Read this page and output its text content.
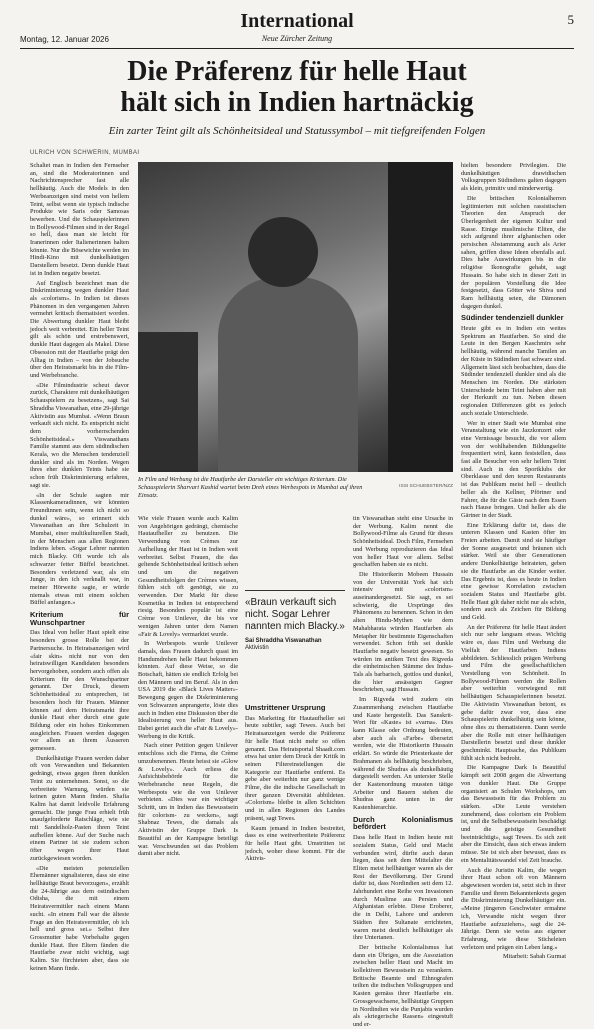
Montag, 12. Januar 2026
International
Neue Zürcher Zeitung
5
Die Präferenz für helle Haut
hält sich in Indien hartnäckig
Ein zarter Teint gilt als Schönheitsideal und Statussymbol – mit tiefgreifenden Folgen
ULRICH VON SCHWERIN, MUMBAI

Schaltet man in Indien den Fernseher an, sind die Moderatorinnen und Nachrichtensprecher fast alle hellhäutig. Auch die Models in den Werbeanzeigen sind meist von hellem Teint, selbst wenn sie typisch indische Produkte wie Saris oder Samosas bewerben. Und die Schauspielerinnen in Bollywood-Filmen sind in der Regel so hell, dass man sie leicht für Iranerinnen oder Italienerinnen halten könnte. Nur die Bösewichte werden im Hindi-Kino mit dunkelhäutigen Darstellern besetzt. Denn dunkle Haut ist in Indien negativ besetzt.

Auf Englisch bezeichnet man die Diskriminierung wegen dunkler Haut als «colorism». In Indien ist dieses Phänomen in den vergangenen Jahren vermehrt kritisch thematisiert worden. Die Abwertung dunkler Haut bleibt jedoch weit verbreitet. Ein heller Teint gilt als schön und erstrebenswert, dunkle Haut dagegen als Makel. Diese Obsession mit der Hautfarbe prägt den Alltag in Indien – von der Jobsuche über den Heiratsmarkt bis in die Film- und Werbebranche.

«Die Filmindustrie scheut davor zurück, Charaktere mit dunkelhäutigen Schauspielern zu besetzen», sagt Sai Shraddha Viswanathan, eine 29-jährige Aktivistin aus Mumbai. «Wenn Braun verkauft sich nicht. Es entspricht nicht dem vorherrschenden Schönheitsideal.» Viswanathans Familie stammt aus dem südindischen Kerala, wo die Menschen tendenziell dunkler sind als im Norden. Wegen ihres eher dunklen Teints habe sie schon früh Diskriminierung erfahren, sagt sie.

«In der Schule sagten mir Klassenkameradinnen, wir könnten Freundinnen sein, wenn ich nicht so dunkel wäre», so erinnert sich Viswanathan an ihre Schulzeit in Mumbai, einer multikulturellen Stadt, in der Menschen aus allen Regionen Indiens leben. «Sogar Lehrer nannten mich Blacky. Oft wurde ich als schwarzer fetter Büffel bezeichnet. Besonders verletzend war, als ein Junge, in den ich verknallt war, in meiner Hörweite sagte, er würde niemals etwas mit einem solchen Büffel anfangen.»

Kriterium für Wunschpartner

Das Ideal von heller Haut spielt eine besonders grosse Rolle bei der Partnersuche. In Heiratsanzeigen wird «fair skin» nicht nur von den heiratswilligen Kandidaten besonders hervorgehoben, sondern auch offen als Kriterium für den Wunschpartner genannt. Der Druck, diesem Schönheitsideal zu entsprechen, ist besonders hoch für Frauen. Männer können auf dem Heiratsmarkt ihre dunkle Haut eher durch eine gute Bildung oder ein hohes Einkommen ausgleichen. Frauen werden dagegen vor allem an ihrem Äusseren gemessen.

Dunkelhäutige Frauen werden daher oft von Verwandten und Bekannten gedrängt, etwas gegen ihren dunklen Teint zu unternehmen. Sonst, so die verbreitete Warnung, würden sie keinen guten Mann finden. Shafia Kalim hat damit leidvolle Erfahrung gemacht. Die junge Frau erhielt früh unaufgeforderte Ratschläge, wie sie mit Sandelholz-Pasten ihren Teint aufhellen könne. Auf der Suche nach einem Partner ist sie zudem schon öfter wegen ihrer Haut zurückgewiesen worden.

«Die meisten potenziellen Ehemänner signalisieren, dass sie eine hellhäutige Braut bevorzugen», erzählt die 24-Jährige aus dem ostindischen Odisha, die mit einem Heiratsvermittler nach einem Mann sucht. «In einem Fall war die älteste Frage an den Heiratsvermittler, ob ich hell und gross sei.» Selbst ihre Grossmutter habe Vorbehalte gegen dunkle Haut. Ihre Eltern fänden die Hautfarbe zwar nicht wichtig, sagt Kalim. Sie fürchteten aber, dass sie keinen Mann finde.

In Film und Werbung ist die Hautfarbe der Darsteller ein wichtiges Kriterium. Die Schauspielerin Sharvari Kashid wartet beim Dreh eines Werbespots in Mumbai auf ihren Einsatz.
ISSI SCHUEBSTER/NZZ

Wie viele Frauen wurde auch Kalim von Angehörigen gedrängt, chemische Hautaufheller zu benutzen. Die Verwendung von Crèmes zur Aufhellung der Haut ist in Indien weit verbreitet. Selbst Frauen, die das geltende Schönheitsideal kritisch sehen und um die negativen Gesundheitsfolgen der Crèmes wissen, fühlen sich oft genötigt, sie zu verwenden. Der Markt für diese Kosmetika in Indien ist entsprechend riesig. Besonders populär ist eine Crème von Unilever, die bis vor wenigen Jahren unter dem Namen «Fair & Lovely» vermarktet wurde.

In Werbespots wurde Unilever damals, dass Frauen dadurch quasi im Handumdrehen helle Haut bekommen könnten. Auf diese Weise, so die Botschaft, hätten sie endlich Erfolg bei den Männern und im Beruf. Als in den USA 2019 die «Black Lives Matter»-Bewegung gegen die Diskriminierung von Schwarzen anprangerte, löste dies auch in Indien eine Diskussion über die Idealisierung von heller Haut aus. Dabei geriet auch die «Fair & Lovely»-Werbung in die Kritik.

Nach einer Petition gegen Unilever entschloss sich die Firma, die Crème umzubenennen. Heute heisst sie «Glow & Lovely». Auch erliess die Aufsichtsbehörde für die Werbebranche neue Regeln, die Werbespots wie die von Unilever verbieten. «Dies war ein wichtiger Schritt, um in Indien das Bewusstsein für colorism- zu wecken», sagt Shabnaz Tewes, die damals als Aktivistin der Gruppe Dark Is Beautiful an der Kampagne beteiligt war. Verschwunden sei das Problem damit aber nicht.

«Braun verkauft sich nicht. Sogar Lehrer nannten mich Blacky.»
Sai Shraddha Viswanathan
Aktivistin
Umstrittener Ursprung

Das Marketing für Hautaufheller sei heute subtiler, sagt Tewes. Auch bei Heiratsanzeigen werde die Präferenz für helle Haut nicht mehr so offen genannt. Das Heiratsportal Shaadi.com etwa hat unter dem Druck der Kritik in seinen Filtereinstellungen die Kategorie zur Hautfarbe entfernt. Es gebe aber weiterhin nur ganz wenige Filme, die die indische Gesellschaft in ihrer ganzen Diversität abbildeten. «Colorism» bleibe in allen Schichten und in allen Regionen des Landes präsent, sagt Tewes.

Kaum jemand in Indien bestreitet, dass es eine weitverbreitete Präferenz für helle Haut gibt. Umstritten ist jedoch, woher diese kommt. Für die Aktivis-

tin Viswanathan steht eine Ursache in der Werbung. Kalim nennt die Bollywood-Filme als Grund für dieses Schönheitsideal. Doch Film, Fernsehen und Werbung reproduzieren das Ideal von heller Haut vor allem. Selbst geschaffen haben sie es nicht.

Die Historikerin Mobeen Hussain von der Universität York hat sich intensiv mit «colorism» auseinandergesetzt. Sie sagt, es sei schwierig, die Ursprünge des Phänomens zu benennen. Schon in den alten Hindu-Mythen wie dem Mahabharata würden Hautfarben als Metapher für bestimmte Eigenschaften verwendet. Schon früh sei dunkle Hautfarbe negativ besetzt gewesen. So würden im antiken Text des Rigveda die einheimischen Stämme des Indus-Tals als barbarisch, gottlos und dunkel, die hier ansässigen Gegner beschrieben, sagt Hussain.

Im Rigveda wird zudem ein Zusammenhang zwischen Hautfarbe und Kaste hergestellt. Das Sanskrit-Wort für «Kaste» ist «varna». Dies kann Klasse oder Ordnung bedeuten, aber auch als «Farbe» übersetzt werden, wie die Historikerin Hussain erklärt. So würde die Priesterkaste der Brahmanen als hellhäutig beschrieben, während die Shudras als dunkelhäutig dargestellt werden. An unterster Stelle der Kastenordnung mussten tätige Arbeiter und Bauern stehen die Shudras ganz unten in der Kastenhierarchie.

Durch Kolonialismus befördert

Dass helle Haut in Indien heute mit sozialem Status, Geld und Macht verbunden wird, dürfte auch daran liegen, dass seit dem Mittelalter die Eliten meist hellhäutiger waren als der Rest der Bevölkerung. Der Grund dafür ist, dass Nordindien seit dem 12. Jahrhundert eine Reihe von Invasionen durch Muslime aus Persien und Afghanistan erlebte. Diese Eroberer, die in Delhi, Lahore und anderen Städten ihre Sultanate errichteten, waren meist deutlich hellhäutiger als ihre Untertanen.

Der britische Kolonialismus hat dann ein Übriges, um die Assoziation zwischen heller Haut und Macht im kollektiven Bewusstsein zu verankern. Britische Beamte und Ethnografen teilten die indischen Volksgruppen und Kasten gemäss ihrer Hautfarbe ein. Grossgewachsene, hellhäutige Gruppen in Nordindien wie die Punjabis wurden als «kriegerische Rassen» eingestuft und er-

hielten besondere Privilegien. Die dunkelhäutigen drawidischen Volksgruppen Südindiens galten dagegen als klein, primitiv und minderwertig.

Die britischen Kolonialherren legitimierten mit solchen rassistischen Theorien den Anspruch der Überlegenheit der eigenen Kultur und Rasse. Einige muslimische Eliten, die sich aufgrund ihrer afghanischen oder persischen Abstammung auch als Arier sahen, griffen diese Ideen ebenfalls auf. Dies habe Auswirkungen bis in die religiöse Ikonografie gehabt, sagt Hussain. So habe sich in dieser Zeit in der populären Vorstellung die Idee festgesetzt, dass Götter wie Shiva und Ram hellhäutig seien, die Dämonen dagegen dunkel.

Südinder tendenziell dunkler

Heute gibt es in Indien ein weites Spektrum an Hautfarben. So sind die Leute in den Bergen Kaschmirs sehr hellhäutig, während manche Tamilen an der Küste in Südindien fast schwarz sind. Allgemein lässt sich beobachten, dass die Südinder tendenziell dunkler sind als die Menschen im Norden. Die stärksten Unterschiede beim Teint haben aber mit der Herkunft zu tun. Neben diesen regionalen Differenzen gibt es jedoch auch soziale Unterschiede.

Wer in einer Stadt wie Mumbai eine Veranstaltung wie ein Jazzkonzert oder eine Vernissage besucht, die vor allem von der wohlhabenden Bildungselite frequentiert wird, kann feststellen, dass fast alle Besucher von sehr hellem Teint sind. Auch in den Sportklubs der Oberklasse und den teuren Restaurants ist das Publikum meist hell – deutlich heller als die Kellner, Pförtner und Fahrer, die für die Gäste nach dem Essen nach Hause bringen. Und heller als die Gärtner in der Stadt.

Eine Erklärung dafür ist, dass die unteren Klassen und Kasten öfter im Freien arbeiten. Damit sind sie häufiger der Sonne ausgesetzt und bräunen sich stärker. Weil sie über Generationen andere Dunkelhäutige heirateten, geben sie die Hautfarbe an die Kinder weiter. Das Ergebnis ist, dass es heute in Indien eine gewisse Korrelation zwischen sozialem Status und Hautfarbe gibt. Helle Haut gilt daher nicht nur als schön, sondern auch als Zeichen für Bildung und Geld.

An der Präferenz für helle Haut ändert sich nur sehr langsam etwas. Wichtig wäre es, dass Film und Werbung die Vielfalt der Hautfarben Indiens abbildeten. Schliesslich prägen Werbung und Film die gesellschaftlichen Vorstellung von Schönheit. In Bollywood-Filmen werden die Rollen aber weiterhin vorwiegend mit hellhäutigen Schauspielerinnen besetzt. Die Aktivistin Viswanathan betont, es gebe dafür zwar vor, dass eine Schauspielerin dunkelhäutig sein könne, ohne dies zu thematisieren. Dann werde aber die Rolle mit einer hellhäutigen Darstellerin besetzt und diese dunkler geschminkt. Hauptsache, das Publikum fühlt sich nicht bedroht.

Die Kampagne Dark Is Beautiful kämpft seit 2008 gegen die Abwertung von dunkler Haut. Die Gruppe organisiert an Schulen Workshops, um das Bewusstsein für das Problem zu stärken. «Die Leute verstehen zunehmend, dass colorism ein Problem ist, und die Selbstbewusstsein beschädigt und die geistige Gesundheit beeinträchtigt», sagt Tewes. Es sich zeit aber die Einsicht, dass sich etwas ändern müsse. Sie ist sich aber bewusst, dass es ein Mentalitätswandel viel Zeit brauche.

Auch die Juristin Kalim, die wegen ihrer Haut schon oft von Männern abgewiesen worden ist, setzt sich in ihrer Familie und ihrem Bekanntenkreis gegen die Diskriminierung Dunkelhäutiger ein. «Meine jüngeren Geschwister ermahne ich, Verwandte nicht wegen ihrer Hautfarbe aufzuziehen», sagt die 24-Jährige. Denn sie weiss aus eigener Erfahrung, wie diese Sticheleien verletzen und prägen ein Leben lang.»

Mitarbeit: Sabah Gurmat
